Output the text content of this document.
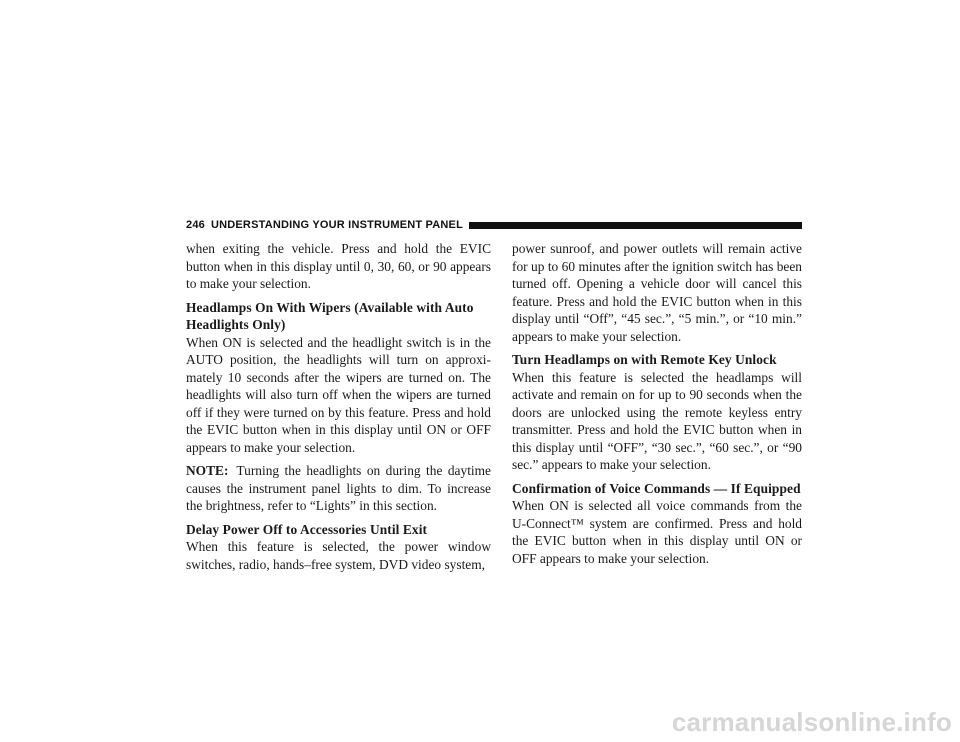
246 UNDERSTANDING YOUR INSTRUMENT PANEL

when exiting the vehicle. Press and hold the EVIC button when in this display until 0, 30, 60, or 90 appears to make your selection.

Headlamps On With Wipers (Available with Auto Headlights Only)
When ON is selected and the headlight switch is in the AUTO position, the headlights will turn on approxi-mately 10 seconds after the wipers are turned on. The headlights will also turn off when the wipers are turned off if they were turned on by this feature. Press and hold the EVIC button when in this display until ON or OFF appears to make your selection.

NOTE: Turning the headlights on during the daytime causes the instrument panel lights to dim. To increase the brightness, refer to “Lights” in this section.

Delay Power Off to Accessories Until Exit
When this feature is selected, the power window switches, radio, hands–free system, DVD video system,

power sunroof, and power outlets will remain active for up to 60 minutes after the ignition switch has been turned off. Opening a vehicle door will cancel this feature. Press and hold the EVIC button when in this display until “Off”, “45 sec.”, “5 min.”, or “10 min.” appears to make your selection.

Turn Headlamps on with Remote Key Unlock
When this feature is selected the headlamps will activate and remain on for up to 90 seconds when the doors are unlocked using the remote keyless entry transmitter. Press and hold the EVIC button when in this display until “OFF”, “30 sec.”, “60 sec.”, or “90 sec.” appears to make your selection.

Confirmation of Voice Commands — If Equipped
When ON is selected all voice commands from the U-Connect™ system are confirmed. Press and hold the EVIC button when in this display until ON or OFF appears to make your selection.

carmanualsonline.info
